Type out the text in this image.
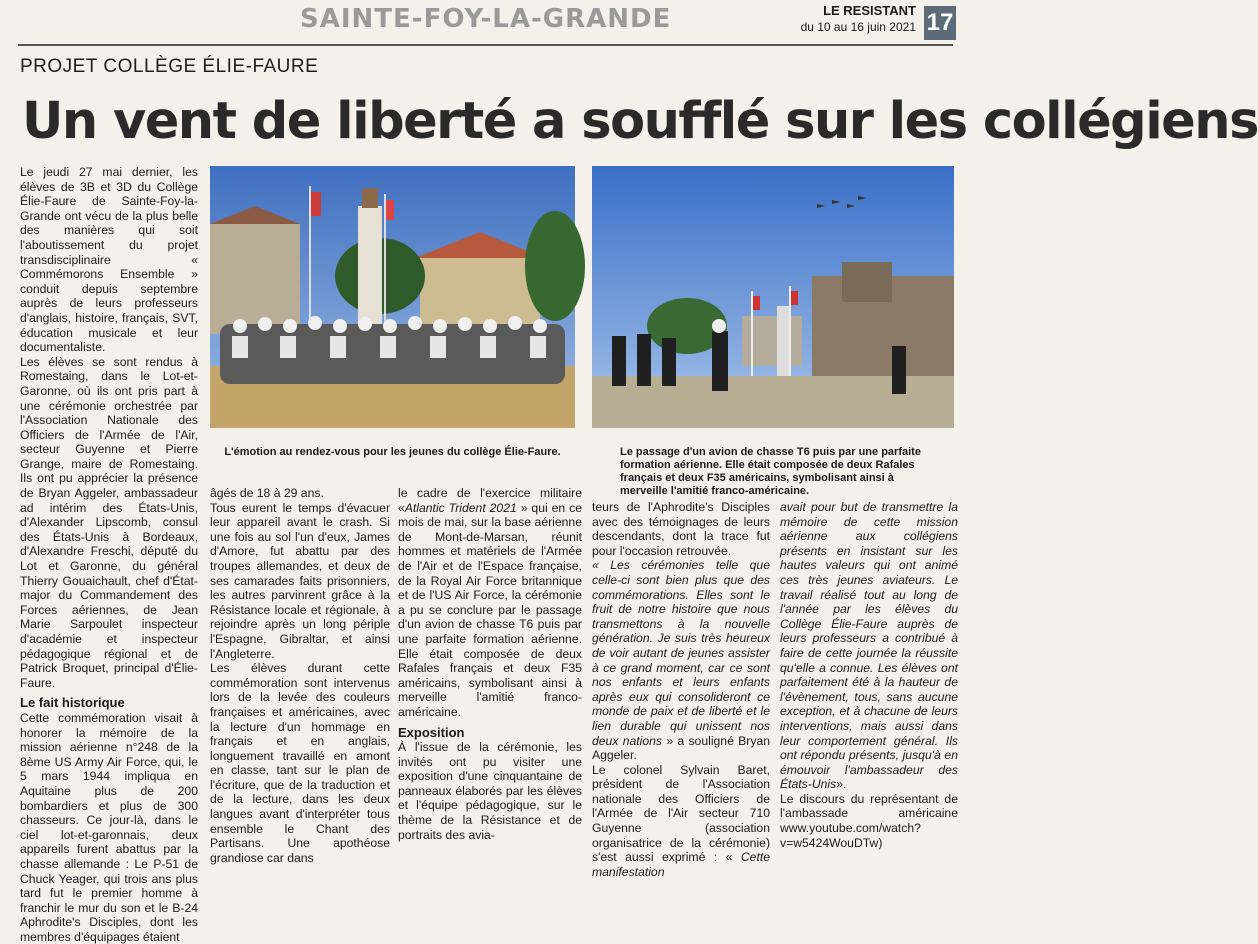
SAINTE-FOY-LA-GRANDE	LE RESISTANT
du 10 au 16 juin 2021 17
PROJET COLLÈGE ÉLIE-FAURE
Un vent de liberté a soufflé sur les collégiens

Le jeudi 27 mai dernier, les élèves de 3B et 3D du Collège Élie-Faure de Sainte-Foy-la-Grande ont vécu de la plus belle des manières qui soit l'aboutissement du projet transdisciplinaire « Commémorons Ensemble » conduit depuis septembre auprès de leurs professeurs d'anglais, histoire, français, SVT, éducation musicale et leur documentaliste.

Les élèves se sont rendus à Romestaing, dans le Lot-et-Garonne, où ils ont pris part à une cérémonie orchestrée par l'Association Nationale des Officiers de l'Armée de l'Air, secteur Guyenne et Pierre Grange, maire de Romestaing. Ils ont pu apprécier la présence de Bryan Aggeler, ambassadeur ad intérim des États-Unis, d'Alexander Lipscomb, consul des États-Unis à Bordeaux, d'Alexandre Freschi, député du Lot et Garonne, du général Thierry Gouaichault, chef d'État-major du Commandement des Forces aériennes, de Jean Marie Sarpoulet inspecteur d'académie et inspecteur pédagogique régional et de Patrick Broquet, principal d'Élie-Faure.

Le fait historique

Cette commémoration visait à honorer la mémoire de la mission aérienne n°248 de la 8ème US Army Air Force, qui, le 5 mars 1944 impliqua en Aquitaine plus de 200 bombardiers et plus de 300 chasseurs. Ce jour-là, dans le ciel lot-et-garonnais, deux appareils furent abattus par la chasse allemande : Le P-51 de Chuck Yeager, qui trois ans plus tard fut le premier homme à franchir le mur du son et le B-24 Aphrodite's Disciples, dont les membres d'équipages étaient

L'émotion au rendez-vous pour les jeunes du collège Élie-Faure.	Le passage d'un avion de chasse T6 puis par une parfaite formation aérienne. Elle était composée de deux Rafales français et deux F35 américains, symbolisant ainsi à merveille l'amitié franco-américaine.

âgés de 18 à 29 ans.

Tous eurent le temps d'évacuer leur appareil avant le crash. Si une fois au sol l'un d'eux, James d'Amore, fut abattu par des troupes allemandes, et deux de ses camarades faits prisonniers, les autres parvinrent grâce à la Résistance locale et régionale, à rejoindre après un long périple l'Espagne, Gibraltar, et ainsi l'Angleterre.

Les élèves durant cette commémoration sont intervenus lors de la levée des couleurs françaises et américaines, avec la lecture d'un hommage en français et en anglais, longuement travaillé en amont en classe, tant sur le plan de l'écriture, que de la traduction et de la lecture, dans les deux langues avant d'interpréter tous ensemble le Chant des Partisans. Une apothéose grandiose car dans

le cadre de l'exercice militaire «Atlantic Trident 2021 » qui en ce mois de mai, sur la base aérienne de Mont-de-Marsan, réunit hommes et matériels de l'Armée de l'Air et de l'Espace française, de la Royal Air Force britannique et de l'US Air Force, la cérémonie a pu se conclure par le passage d'un avion de chasse T6 puis par une parfaite formation aérienne. Elle était composée de deux Rafales français et deux F35 américains, symbolisant ainsi à merveille l'amitié franco-américaine.

Exposition

À l'issue de la cérémonie, les invités ont pu visiter une exposition d'une cinquantaine de panneaux élaborés par les élèves et l'équipe pédagogique, sur le thème de la Résistance et de portraits des avia-

teurs de l'Aphrodite's Disciples avec des témoignages de leurs descendants, dont la trace fut pour l'occasion retrouvée.

« Les cérémonies telle que celle-ci sont bien plus que des commémorations. Elles sont le fruit de notre histoire que nous transmettons à la nouvelle génération. Je suis très heureux de voir autant de jeunes assister à ce grand moment, car ce sont nos enfants et leurs enfants après eux qui consolideront ce monde de paix et de liberté et le lien durable qui unissent nos deux nations » a souligné Bryan Aggeler.

Le colonel Sylvain Baret, président de l'Association nationale des Officiers de l'Armée de l'Air secteur 710 Guyenne (association organisatrice de la cérémonie) s'est aussi exprimé : « Cette manifestation

avait pour but de transmettre la mémoire de cette mission aérienne aux collégiens présents en insistant sur les hautes valeurs qui ont animé ces très jeunes aviateurs. Le travail réalisé tout au long de l'année par les élèves du Collège Élie-Faure auprès de leurs professeurs a contribué à faire de cette journée la réussite qu'elle a connue. Les élèves ont parfaitement été à la hauteur de l'évènement, tous, sans aucune exception, et à chacune de leurs interventions, mais aussi dans leur comportement général. Ils ont répondu présents, jusqu'à en émouvoir l'ambassadeur des États-Unis».

Le discours du représentant de l'ambassade américaine www.youtube.com/watch?v=w5424WouDTw)
